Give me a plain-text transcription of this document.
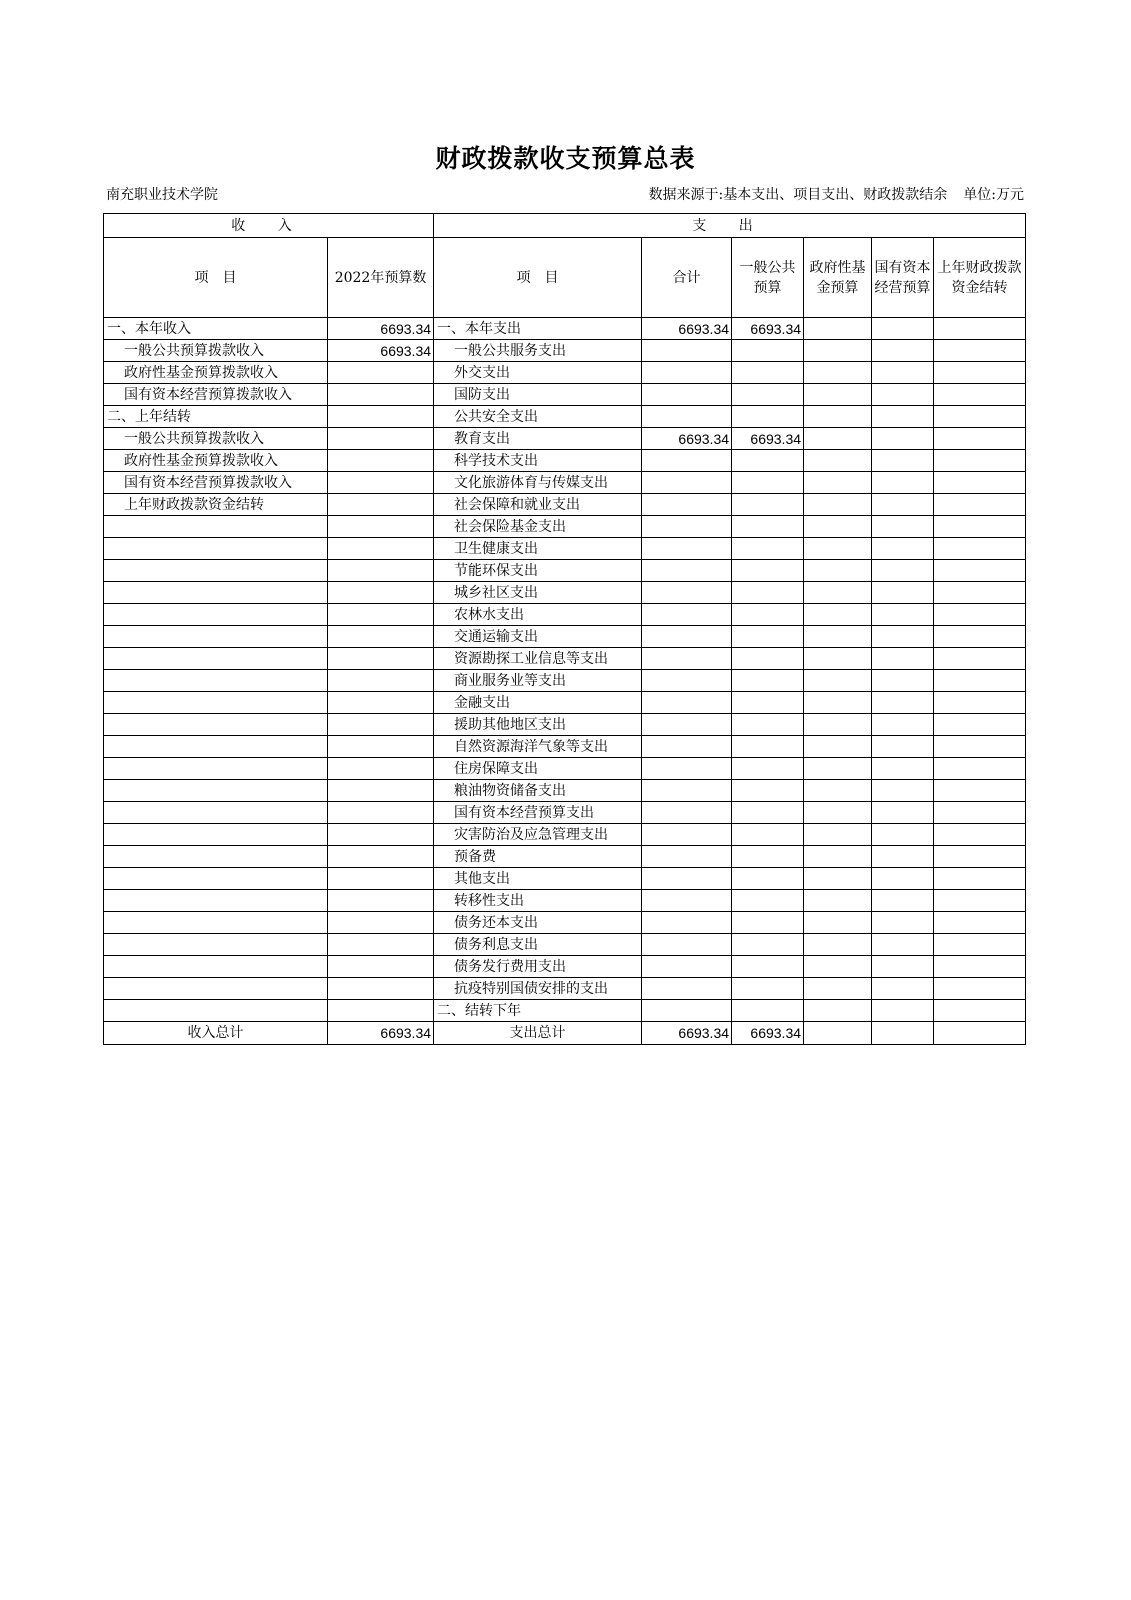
财政拨款收支预算总表
南充职业技术学院	数据来源于:基本支出、项目支出、财政拨款结余 单位:万元
收 入		支 出					
项　目	2022年预算数	项　目	合计	一般公共预算	政府性基金预算	国有资本经营预算	上年财政拨款资金结转
一、本年收入	6693.34	一、本年支出	6693.34	6693.34			
一般公共预算拨款收入	6693.34	一般公共服务支出					
政府性基金预算拨款收入		外交支出					
国有资本经营预算拨款收入		国防支出					
二、上年结转		公共安全支出					
一般公共预算拨款收入		教育支出	6693.34	6693.34			
政府性基金预算拨款收入		科学技术支出					
国有资本经营预算拨款收入		文化旅游体育与传媒支出					
上年财政拨款资金结转		社会保障和就业支出					
		社会保险基金支出					
		卫生健康支出					
		节能环保支出					
		城乡社区支出					
		农林水支出					
		交通运输支出					
		资源勘探工业信息等支出					
		商业服务业等支出					
		金融支出					
		援助其他地区支出					
		自然资源海洋气象等支出					
		住房保障支出					
		粮油物资储备支出					
		国有资本经营预算支出					
		灾害防治及应急管理支出					
		预备费					
		其他支出					
		转移性支出					
		债务还本支出					
		债务利息支出					
		债务发行费用支出					
		抗疫特别国债安排的支出					
		二、结转下年					
收入总计	6693.34	支出总计	6693.34	6693.34			
